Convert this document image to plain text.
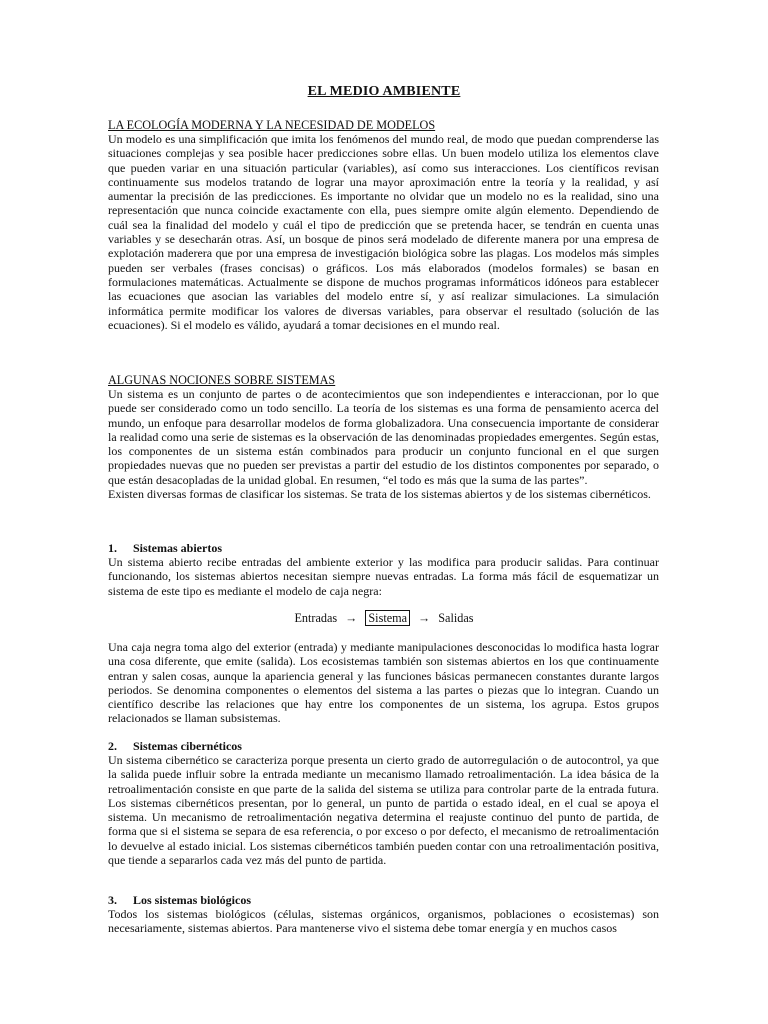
EL MEDIO AMBIENTE
LA ECOLOGÍA MODERNA Y LA NECESIDAD DE MODELOS

Un modelo es una simplificación que imita los fenómenos del mundo real, de modo que puedan comprenderse las situaciones complejas y sea posible hacer predicciones sobre ellas. Un buen modelo utiliza los elementos clave que pueden variar en una situación particular (variables), así como sus interacciones. Los científicos revisan continuamente sus modelos tratando de lograr una mayor aproximación entre la teoría y la realidad, y así aumentar la precisión de las predicciones. Es importante no olvidar que un modelo no es la realidad, sino una representación que nunca coincide exactamente con ella, pues siempre omite algún elemento. Dependiendo de cuál sea la finalidad del modelo y cuál el tipo de predicción que se pretenda hacer, se tendrán en cuenta unas variables y se desecharán otras. Así, un bosque de pinos será modelado de diferente manera por una empresa de explotación maderera que por una empresa de investigación biológica sobre las plagas. Los modelos más simples pueden ser verbales (frases concisas) o gráficos. Los más elaborados (modelos formales) se basan en formulaciones matemáticas. Actualmente se dispone de muchos programas informáticos idóneos para establecer las ecuaciones que asocian las variables del modelo entre sí, y así realizar simulaciones. La simulación informática permite modificar los valores de diversas variables, para observar el resultado (solución de las ecuaciones). Si el modelo es válido, ayudará a tomar decisiones en el mundo real.

ALGUNAS NOCIONES SOBRE SISTEMAS

Un sistema es un conjunto de partes o de acontecimientos que son independientes e interaccionan, por lo que puede ser considerado como un todo sencillo. La teoría de los sistemas es una forma de pensamiento acerca del mundo, un enfoque para desarrollar modelos de forma globalizadora. Una consecuencia importante de considerar la realidad como una serie de sistemas es la observación de las denominadas propiedades emergentes. Según estas, los componentes de un sistema están combinados para producir un conjunto funcional en el que surgen propiedades nuevas que no pueden ser previstas a partir del estudio de los distintos componentes por separado, o que están desacopladas de la unidad global. En resumen, “el todo es más que la suma de las partes”.

Existen diversas formas de clasificar los sistemas. Se trata de los sistemas abiertos y de los sistemas cibernéticos.

1. Sistemas abiertos

Un sistema abierto recibe entradas del ambiente exterior y las modifica para producir salidas. Para continuar funcionando, los sistemas abiertos necesitan siempre nuevas entradas. La forma más fácil de esquematizar un sistema de este tipo es mediante el modelo de caja negra:

Entradas → Sistema → Salidas

Una caja negra toma algo del exterior (entrada) y mediante manipulaciones desconocidas lo modifica hasta lograr una cosa diferente, que emite (salida). Los ecosistemas también son sistemas abiertos en los que continuamente entran y salen cosas, aunque la apariencia general y las funciones básicas permanecen constantes durante largos periodos. Se denomina componentes o elementos del sistema a las partes o piezas que lo integran. Cuando un científico describe las relaciones que hay entre los componentes de un sistema, los agrupa. Estos grupos relacionados se llaman subsistemas.

2. Sistemas cibernéticos

Un sistema cibernético se caracteriza porque presenta un cierto grado de autorregulación o de autocontrol, ya que la salida puede influir sobre la entrada mediante un mecanismo llamado retroalimentación. La idea básica de la retroalimentación consiste en que parte de la salida del sistema se utiliza para controlar parte de la entrada futura. Los sistemas cibernéticos presentan, por lo general, un punto de partida o estado ideal, en el cual se apoya el sistema. Un mecanismo de retroalimentación negativa determina el reajuste continuo del punto de partida, de forma que si el sistema se separa de esa referencia, o por exceso o por defecto, el mecanismo de retroalimentación lo devuelve al estado inicial. Los sistemas cibernéticos también pueden contar con una retroalimentación positiva, que tiende a separarlos cada vez más del punto de partida.

3. Los sistemas biológicos

Todos los sistemas biológicos (células, sistemas orgánicos, organismos, poblaciones o ecosistemas) son necesariamente, sistemas abiertos. Para mantenerse vivo el sistema debe tomar energía y en muchos casos
